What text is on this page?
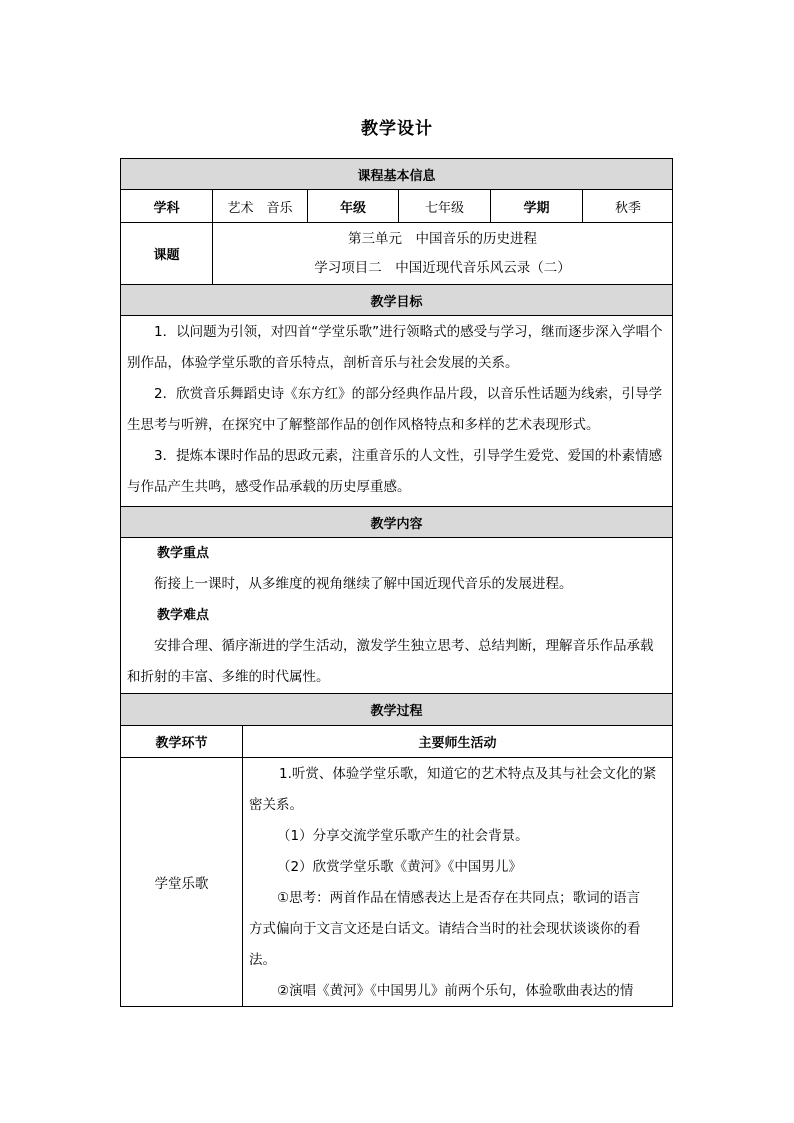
教学设计
课程基本信息
学科	艺术　音乐	年级	七年级	学期	秋季
课题
第三单元　中国音乐的历史进程
学习项目二　中国近现代音乐风云录（二）
教学目标

1．以问题为引领，对四首“学堂乐歌”进行领略式的感受与学习，继而逐步深入学唱个别作品，体验学堂乐歌的音乐特点，剖析音乐与社会发展的关系。

2．欣赏音乐舞蹈史诗《东方红》的部分经典作品片段，以音乐性话题为线索，引导学生思考与听辨，在探究中了解整部作品的创作风格特点和多样的艺术表现形式。

3．提炼本课时作品的思政元素，注重音乐的人文性，引导学生爱党、爱国的朴素情感与作品产生共鸣，感受作品承载的历史厚重感。

教学内容
教学重点

衔接上一课时，从多维度的视角继续了解中国近现代音乐的发展进程。

教学难点

安排合理、循序渐进的学生活动，激发学生独立思考、总结判断，理解音乐作品承载和折射的丰富、多维的时代属性。

教学过程
教学环节	主要师生活动
学堂乐歌
1.听赏、体验学堂乐歌，知道它的艺术特点及其与社会文化的紧
密关系。
（1）分享交流学堂乐歌产生的社会背景。
（2）欣赏学堂乐歌《黄河》《中国男儿》
①思考：两首作品在情感表达上是否存在共同点；歌词的语言
方式偏向于文言文还是白话文。请结合当时的社会现状谈谈你的看
法。
②演唱《黄河》《中国男儿》前两个乐句，体验歌曲表达的情
